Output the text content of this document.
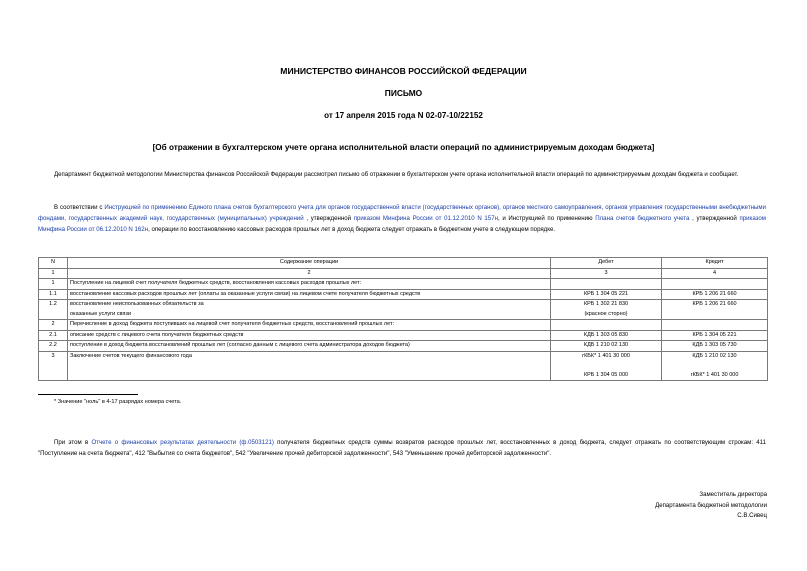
МИНИСТЕРСТВО ФИНАНСОВ РОССИЙСКОЙ ФЕДЕРАЦИИ
ПИСЬМО
от 17 апреля 2015 года N 02-07-10/22152
[Об отражении в бухгалтерском учете органа исполнительной власти операций по администрируемым доходам бюджета]
Департамент бюджетной методологии Министерства финансов Российской Федерации рассмотрел письмо об отражении в бухгалтерском учете органа исполнительной власти операций по администрируемым доходам бюджета и сообщает.
В соответствии с Инструкцией по применению Единого плана счетов бухгалтерского учета для органов государственной власти (государственных органов), органов местного самоуправления, органов управления государственными внебюджетными фондами, государственных академий наук, государственных (муниципальных) учреждений , утвержденной приказом Минфина России от 01.12.2010 N 157н, и Инструкцией по применению Плана счетов бюджетного учета , утвержденной приказом Минфина России от 06.12.2010 N 162н, операции по восстановлению кассовых расходов прошлых лет в доход бюджета следует отражать в бюджетном учете в следующем порядке.
N	Содержание операции	Дебет	Кредит
1	2	3	4
1	Поступление на лицевой счет получателя бюджетных средств, восстановления кассовых расходов прошлых лет:		
1.1	восстановление кассовых расходов прошлых лет (оплаты за оказанные услуги связи) на лицевом счете получателя бюджетных средств	КРБ 1 304 05 221	КРБ 1 206 21 660
1.2	восстановление неиспользованных обязательств за	КРБ 1 302 21 830	КРБ 1 206 21 660
	оказанные услуги связи	(красное сторно)	
2	Перечисление в доход бюджета поступивших на лицевой счет получателя бюджетных средств, восстановлений прошлых лет:		
2.1	описание средств с лицевого счета получателя бюджетных средств	КДБ 1 303 05 830	КРБ 1 304 05 221
2.2	поступление в доход бюджета восстановлений прошлых лет (согласно данным с лицевого счета администратора доходов бюджета)	КДБ 1 210 02 130	КДБ 1 303 05 730
3	Заключение счетов текущего финансового года	гКБК* 1 401 30 000	КДБ 1 210 02 130

		КРБ 1 304 05 000	гКБК* 1 401 30 000
* Значение "ноль" в 4-17 разрядах номера счета.
При этом в Отчете о финансовых результатах деятельности (ф.0503121) получателя бюджетных средств суммы возвратов расходов прошлых лет, восстановленных в доход бюджета, следует отражать по соответствующим строкам: 411 "Поступление на счета бюджета", 412 "Выбытия со счета бюджетов", 542 "Увеличение прочей дебиторской задолженности", 543 "Уменьшение прочей дебиторской задолженности".
Заместитель директора
Департамента бюджетной методологии
С.В.Сивец
